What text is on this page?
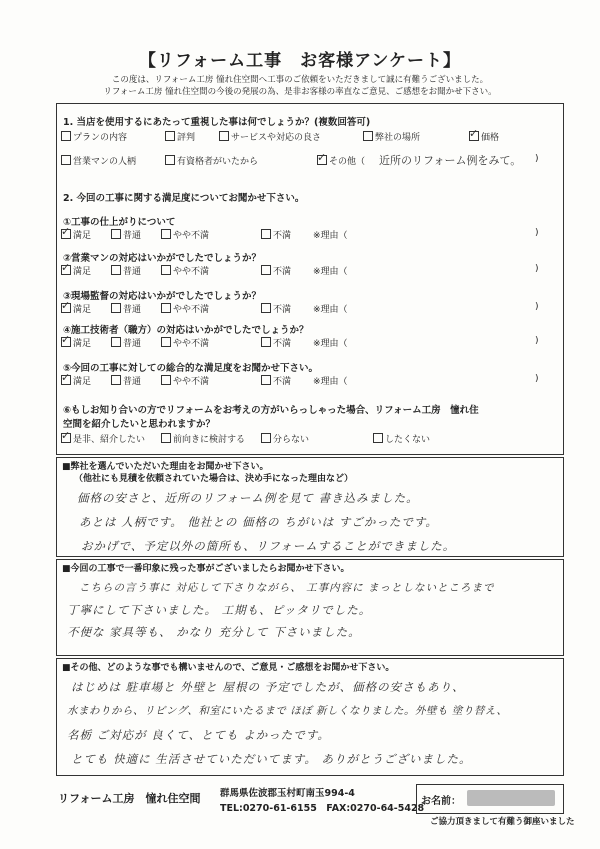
【リフォーム工事　お客様アンケート】
この度は、リフォーム工房 憧れ住空間へ工事のご依頼をいただきまして誠に有難うございました。
リフォーム工房 憧れ住空間の今後の発展の為、是非お客様の率直なご意見、ご感想をお聞かせ下さい。
1. 当店を使用するにあたって重視した事は何でしょうか？(複数回答可)
プランの内容	評判	サービスや対応の良さ	弊社の場所 ✓	価格
営業マンの人柄	有資格者がいたから ✓	その他（ 近所のリフォーム例をみて。 )
2. 今回の工事に関する満足度についてお聞かせ下さい。
①工事の仕上がりについて
✓満足	普通	やや不満	不満 ※理由（	)
②営業マンの対応はいかがでしたでしょうか？
✓満足	普通	やや不満	不満 ※理由（	)
③現場監督の対応はいかがでしたでしょうか？
✓満足	普通	やや不満	不満 ※理由（	)
④施工技術者（職方）の対応はいかがでしたでしょうか？
✓満足	普通	やや不満	不満 ※理由（	)
⑤今回の工事に対しての総合的な満足度をお聞かせ下さい。
✓満足	普通	やや不満	不満 ※理由（	)
⑥もしお知り合いの方でリフォームをお考えの方がいらっしゃった場合、リフォーム工房　憧れ住
空間を紹介したいと思われますか？
✓是非、紹介したい	前向きに検討する	分らない	したくない
■弊社を選んでいただいた理由をお聞かせ下さい。
（他社にも見積を依頼されていた場合は、決め手になった理由など）
価格の安さと、近所のリフォーム例を見て 書き込みました。
あとは 人柄です。 他社との 価格の ちがいは すごかったです。
おかげで、予定以外の箇所も、リフォームすることができました。
■今回の工事で一番印象に残った事がございましたらお聞かせ下さい。
こちらの言う事に 対応して下さりながら、 工事内容に まっとしないところまで
丁寧にして下さいました。 工期も、ピッタリでした。
不便な 家具等も、 かなり 充分して 下さいました。
■その他、どのような事でも構いませんので、ご意見・ご感想をお聞かせ下さい。
はじめは 駐車場と 外壁と 屋根の 予定でしたが、価格の安さもあり、
水まわりから、リビング、和室にいたるまで ほぼ 新しくなりました。外壁も 塗り替え、
名栃 ご対応が 良くて、とても よかったです。
とても 快適に 生活させていただいてます。 ありがとうございました。
リフォーム工房　憧れ住空間 群馬県佐波郡玉村町南玉994-4
TEL:0270-61-6155　FAX:0270-64-5428
お名前：
ご協力頂きまして有難う御座いました
